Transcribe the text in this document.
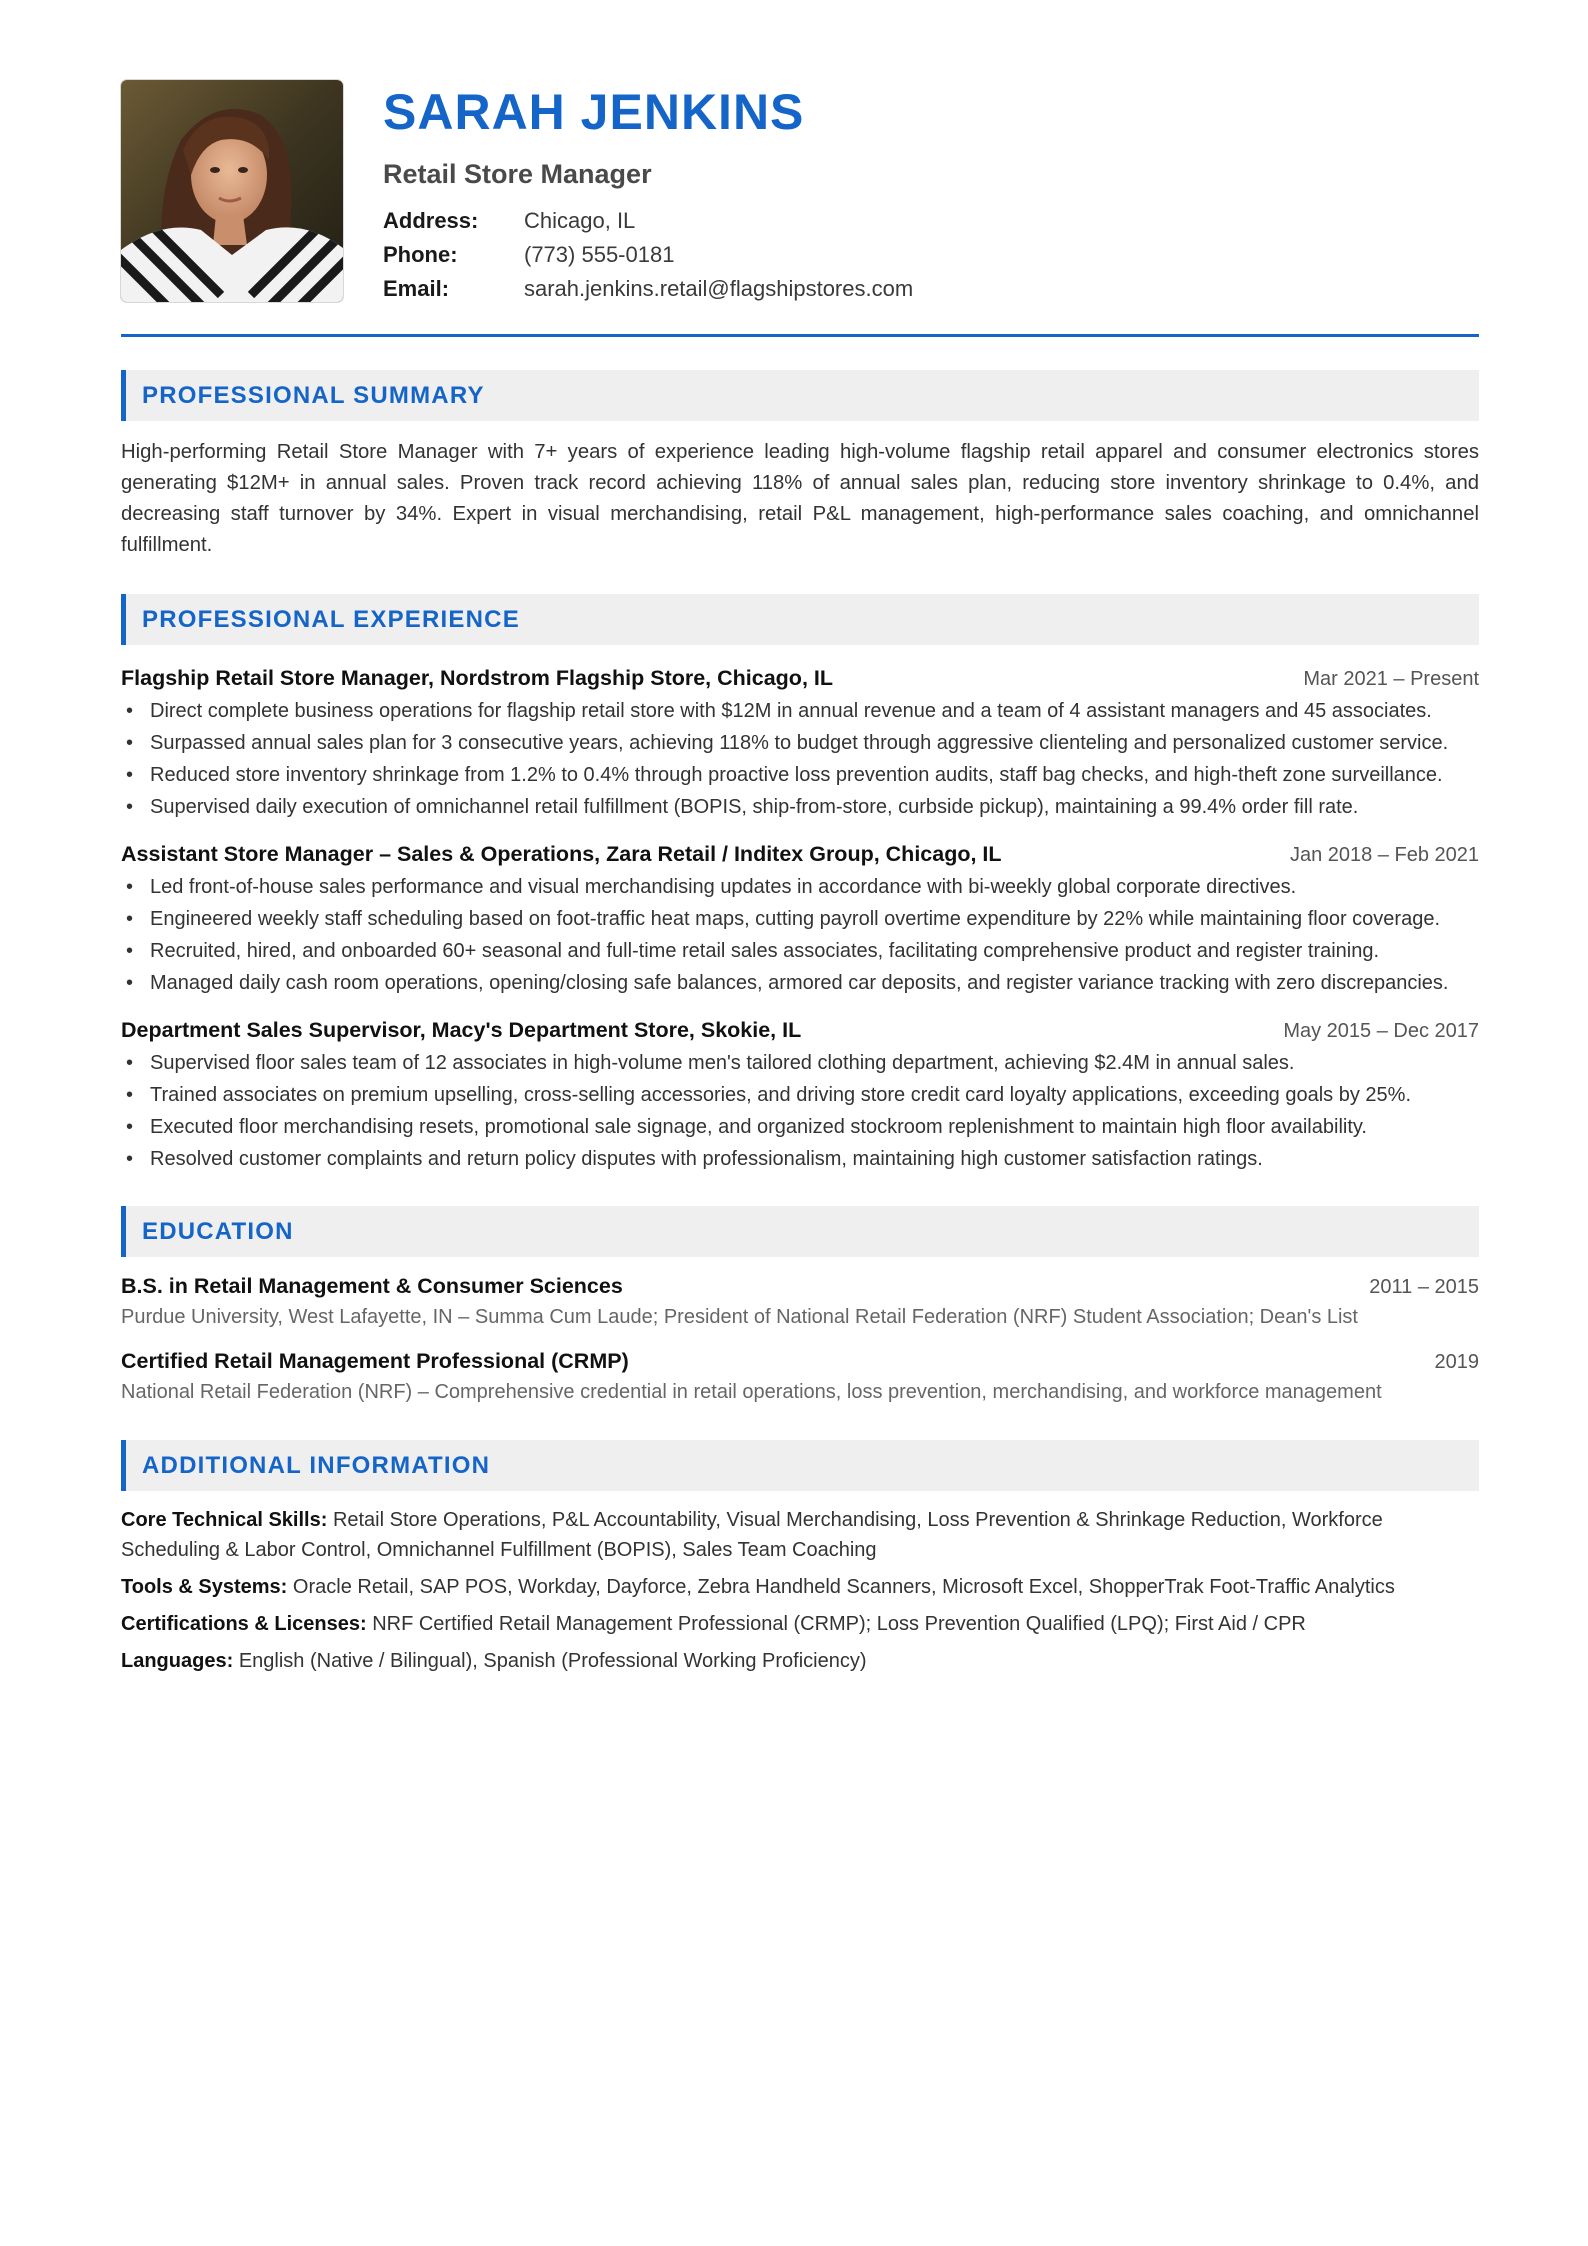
SARAH JENKINS
Retail Store Manager
Address:	Chicago, IL
Phone:	(773) 555-0181
Email:	sarah.jenkins.retail@flagshipstores.com
PROFESSIONAL SUMMARY
High-performing Retail Store Manager with 7+ years of experience leading high-volume flagship retail apparel and consumer electronics stores generating $12M+ in annual sales. Proven track record achieving 118% of annual sales plan, reducing store inventory shrinkage to 0.4%, and decreasing staff turnover by 34%. Expert in visual merchandising, retail P&L management, high-performance sales coaching, and omnichannel fulfillment.
PROFESSIONAL EXPERIENCE
Flagship Retail Store Manager, Nordstrom Flagship Store, Chicago, IL	Mar 2021 – Present
• Direct complete business operations for flagship retail store with $12M in annual revenue and a team of 4 assistant managers and 45 associates.
• Surpassed annual sales plan for 3 consecutive years, achieving 118% to budget through aggressive clienteling and personalized customer service.
• Reduced store inventory shrinkage from 1.2% to 0.4% through proactive loss prevention audits, staff bag checks, and high-theft zone surveillance.
• Supervised daily execution of omnichannel retail fulfillment (BOPIS, ship-from-store, curbside pickup), maintaining a 99.4% order fill rate.
Assistant Store Manager – Sales & Operations, Zara Retail / Inditex Group, Chicago, IL	Jan 2018 – Feb 2021
• Led front-of-house sales performance and visual merchandising updates in accordance with bi-weekly global corporate directives.
• Engineered weekly staff scheduling based on foot-traffic heat maps, cutting payroll overtime expenditure by 22% while maintaining floor coverage.
• Recruited, hired, and onboarded 60+ seasonal and full-time retail sales associates, facilitating comprehensive product and register training.
• Managed daily cash room operations, opening/closing safe balances, armored car deposits, and register variance tracking with zero discrepancies.
Department Sales Supervisor, Macy's Department Store, Skokie, IL	May 2015 – Dec 2017
• Supervised floor sales team of 12 associates in high-volume men's tailored clothing department, achieving $2.4M in annual sales.
• Trained associates on premium upselling, cross-selling accessories, and driving store credit card loyalty applications, exceeding goals by 25%.
• Executed floor merchandising resets, promotional sale signage, and organized stockroom replenishment to maintain high floor availability.
• Resolved customer complaints and return policy disputes with professionalism, maintaining high customer satisfaction ratings.
EDUCATION
B.S. in Retail Management & Consumer Sciences	2011 – 2015
Purdue University, West Lafayette, IN – Summa Cum Laude; President of National Retail Federation (NRF) Student Association; Dean's List
Certified Retail Management Professional (CRMP)	2019
National Retail Federation (NRF) – Comprehensive credential in retail operations, loss prevention, merchandising, and workforce management
ADDITIONAL INFORMATION
Core Technical Skills: Retail Store Operations, P&L Accountability, Visual Merchandising, Loss Prevention & Shrinkage Reduction, Workforce Scheduling & Labor Control, Omnichannel Fulfillment (BOPIS), Sales Team Coaching
Tools & Systems: Oracle Retail, SAP POS, Workday, Dayforce, Zebra Handheld Scanners, Microsoft Excel, ShopperTrak Foot-Traffic Analytics
Certifications & Licenses: NRF Certified Retail Management Professional (CRMP); Loss Prevention Qualified (LPQ); First Aid / CPR
Languages: English (Native / Bilingual), Spanish (Professional Working Proficiency)
